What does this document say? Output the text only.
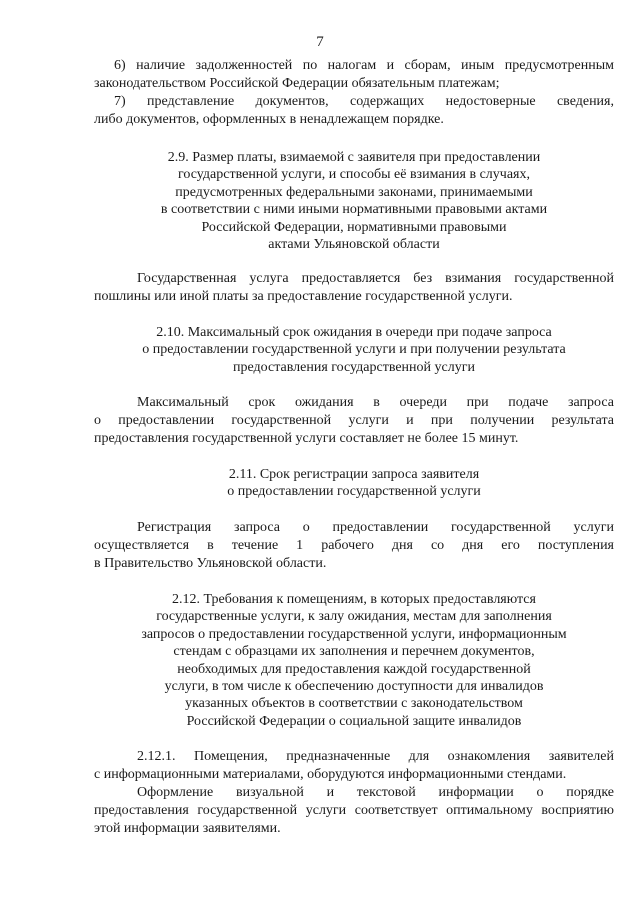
7
6) наличие задолженностей по налогам и сборам, иным предусмотренным
законодательством Российской Федерации обязательным платежам;
7) представление документов, содержащих недостоверные сведения,
либо документов, оформленных в ненадлежащем порядке.
2.9. Размер платы, взимаемой с заявителя при предоставлении
государственной услуги, и способы её взимания в случаях,
предусмотренных федеральными законами, принимаемыми
в соответствии с ними иными нормативными правовыми актами
Российской Федерации, нормативными правовыми
актами Ульяновской области
Государственная услуга предоставляется без взимания государственной
пошлины или иной платы за предоставление государственной услуги.
2.10. Максимальный срок ожидания в очереди при подаче запроса
о предоставлении государственной услуги и при получении результата
предоставления государственной услуги
Максимальный срок ожидания в очереди при подаче запроса
о предоставлении государственной услуги и при получении результата
предоставления государственной услуги составляет не более 15 минут.
2.11. Срок регистрации запроса заявителя
о предоставлении государственной услуги
Регистрация запроса о предоставлении государственной услуги
осуществляется в течение 1 рабочего дня со дня его поступления
в Правительство Ульяновской области.
2.12. Требования к помещениям, в которых предоставляются
государственные услуги, к залу ожидания, местам для заполнения
запросов о предоставлении государственной услуги, информационным
стендам с образцами их заполнения и перечнем документов,
необходимых для предоставления каждой государственной
услуги, в том числе к обеспечению доступности для инвалидов
указанных объектов в соответствии с законодательством
Российской Федерации о социальной защите инвалидов
2.12.1. Помещения, предназначенные для ознакомления заявителей
с информационными материалами, оборудуются информационными стендами.
Оформление визуальной и текстовой информации о порядке
предоставления государственной услуги соответствует оптимальному восприятию
этой информации заявителями.
